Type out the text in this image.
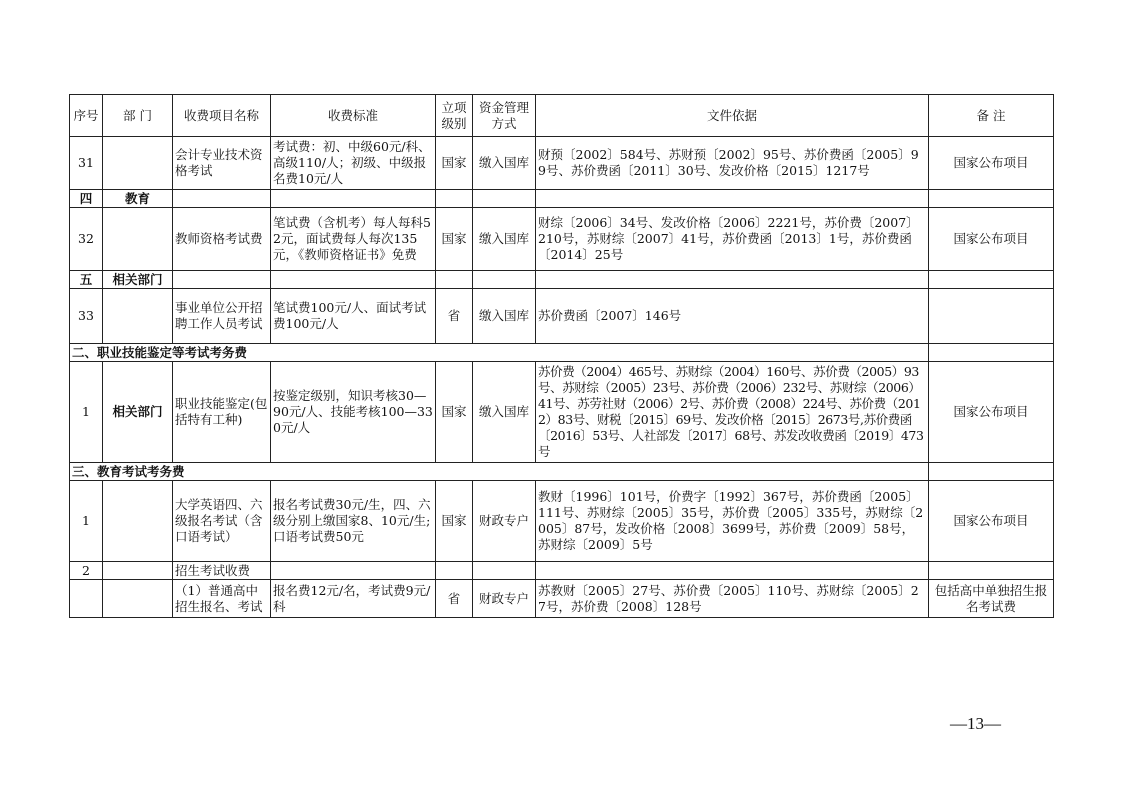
序号	部 门	收费项目名称	收费标准	立项级别	资金管理方式	文件依据	备 注
31		会计专业技术资格考试	考试费：初、中级60元/科、高级110/人；初级、中级报名费10元/人	国家	缴入国库	财预〔2002〕584号、苏财预〔2002〕95号、苏价费函〔2005〕99号、苏价费函〔2011〕30号、发改价格〔2015〕1217号	国家公布项目
四	教育						
32		教师资格考试费	笔试费（含机考）每人每科52元，面试费每人每次135元，《教师资格证书》免费	国家	缴入国库	财综〔2006〕34号、发改价格〔2006〕2221号，苏价费〔2007〕210号，苏财综〔2007〕41号，苏价费函〔2013〕1号，苏价费函〔2014〕25号	国家公布项目
五	相关部门						
33		事业单位公开招聘工作人员考试	笔试费100元/人、面试考试费100元/人	省	缴入国库	苏价费函〔2007〕146号	
二、职业技能鉴定等考试考务费							
1	相关部门	职业技能鉴定(包括特有工种)	按鉴定级别，知识考核30—90元/人、技能考核100—330元/人	国家	缴入国库	苏价费（2004）465号、苏财综（2004）160号、苏价费（2005）93号、苏财综（2005）23号、苏价费（2006）232号、苏财综（2006）41号、苏劳社财（2006）2号、苏价费（2008）224号、苏价费（2012）83号、财税〔2015〕69号、发改价格〔2015〕2673号,苏价费函〔2016〕53号、人社部发〔2017〕68号、苏发改收费函〔2019〕473号	国家公布项目
三、教育考试考务费							
1		大学英语四、六级报名考试（含口语考试）	报名考试费30元/生，四、六级分别上缴国家8、10元/生;口语考试费50元	国家	财政专户	教财〔1996〕101号，价费字〔1992〕367号，苏价费函〔2005〕111号、苏财综〔2005〕35号，苏价费〔2005〕335号，苏财综〔2005〕87号，发改价格〔2008〕3699号，苏价费〔2009〕58号，苏财综〔2009〕5号	国家公布项目
2		招生考试收费					
		（1）普通高中招生报名、考试	报名费12元/名，考试费9元/科	省	财政专户	苏教财〔2005〕27号、苏价费〔2005〕110号、苏财综〔2005〕27号，苏价费〔2008〕128号	包括高中单独招生报名考试费
—13—
